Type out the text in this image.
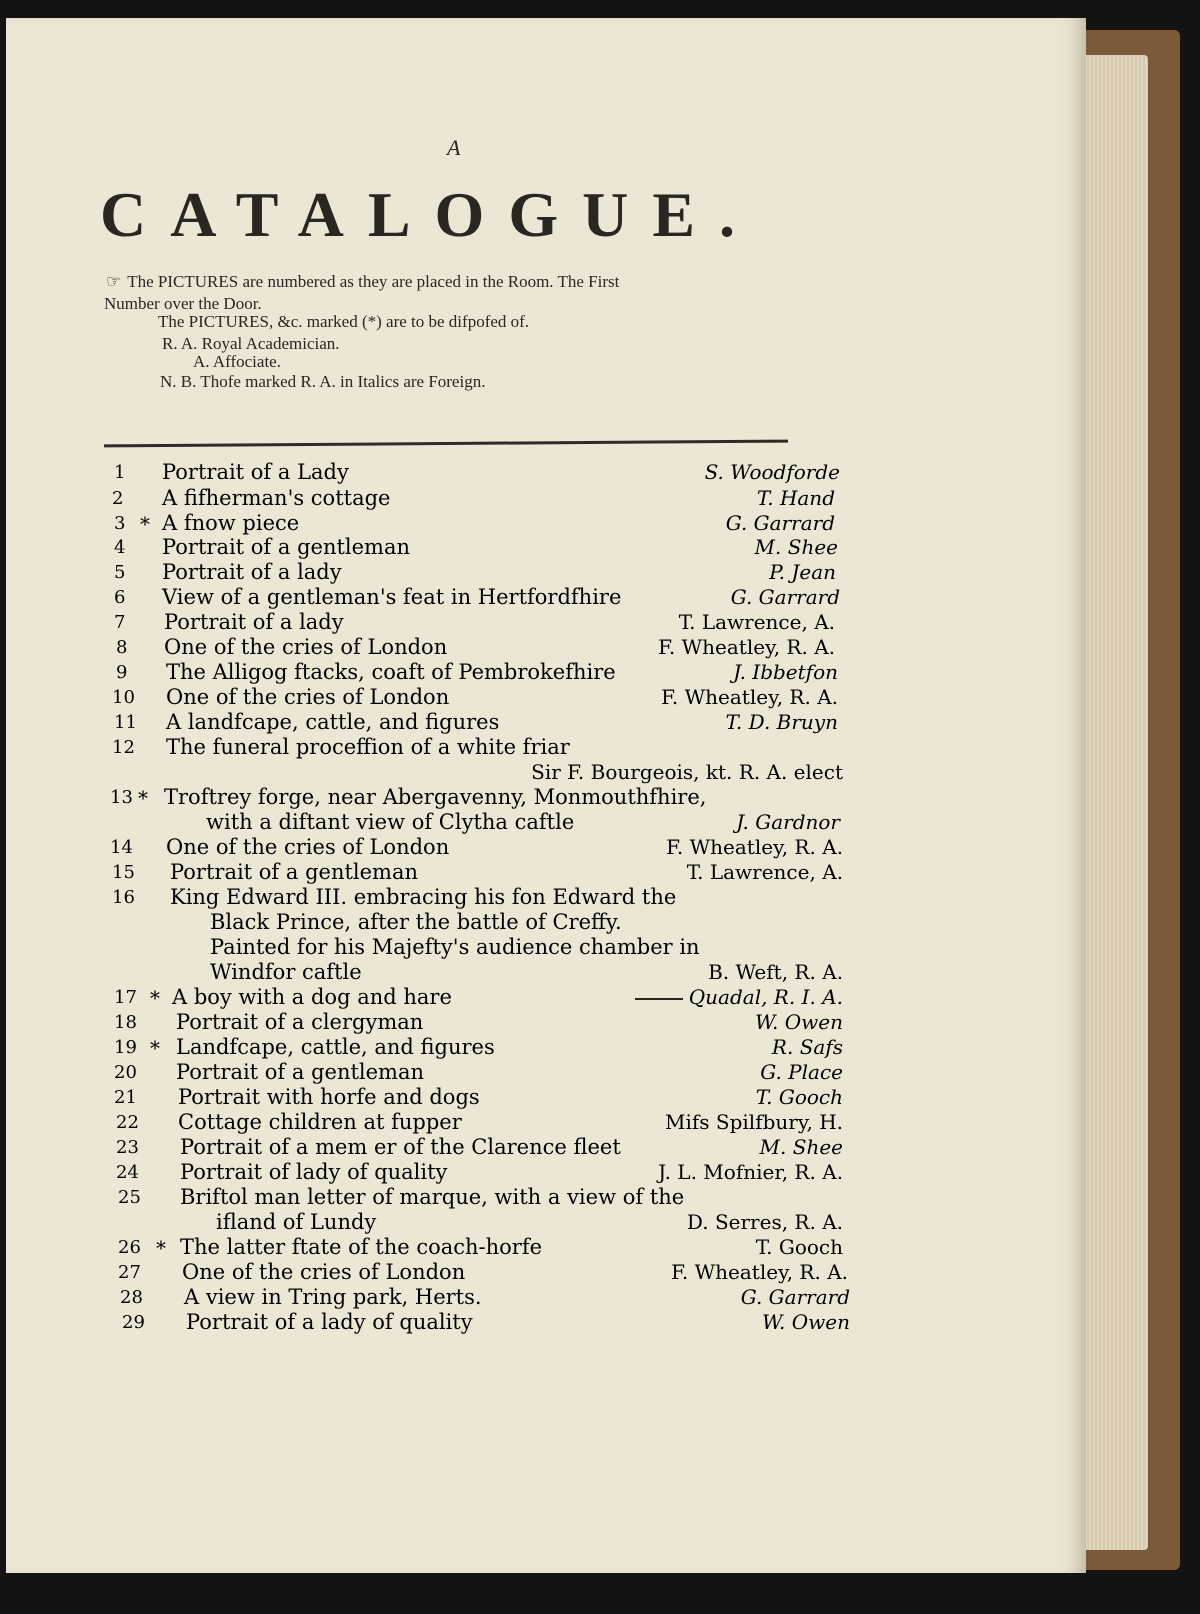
A
CATALOGUE.
☞ The PICTURES are numbered as they are placed in the Room. The First
Number over the Door.
The PICTURES, &c. marked (*) are to be difpofed of.
R. A. Royal Academician.
A. Affociate.
N. B. Thofe marked R. A. in Italics are Foreign.
1 Portrait of a Lady	S. Woodforde
2 A fifherman's cottage	T. Hand
3 * A fnow piece	G. Garrard
4 Portrait of a gentleman	M. Shee
5 Portrait of a lady	P. Jean
6 View of a gentleman's feat in Hertfordfhire	G. Garrard
7 Portrait of a lady	T. Lawrence, A.
8 One of the cries of London	F. Wheatley, R. A.
9 The Alligog ftacks, coaft of Pembrokefhire	J. Ibbetfon
10 One of the cries of London	F. Wheatley, R. A.
11 A landfcape, cattle, and figures	T. D. Bruyn
12 The funeral proceffion of a white friar
Sir F. Bourgeois, kt. R. A. elect
13 * Troftrey forge, near Abergavenny, Monmouthfhire,
with a diftant view of Clytha caftle	J. Gardnor
14 One of the cries of London	F. Wheatley, R. A.
15 Portrait of a gentleman	T. Lawrence, A.
16 King Edward III. embracing his fon Edward the
Black Prince, after the battle of Creffy.
Painted for his Majefty's audience chamber in
Windfor caftle	B. Weft, R. A.
17 * A boy with a dog and hare	Quadal, R. I. A.
18 Portrait of a clergyman	W. Owen
19 * Landfcape, cattle, and figures	R. Safs
20 Portrait of a gentleman	G. Place
21 Portrait with horfe and dogs	T. Gooch
22 Cottage children at fupper	Mifs Spilfbury, H.
23 Portrait of a mem er of the Clarence fleet	M. Shee
24 Portrait of lady of quality	J. L. Mofnier, R. A.
25 Briftol man letter of marque, with a view of the
ifland of Lundy	D. Serres, R. A.
26 * The latter ftate of the coach-horfe	T. Gooch
27 One of the cries of London	F. Wheatley, R. A.
28 A view in Tring park, Herts.	G. Garrard
29 Portrait of a lady of quality	W. Owen
